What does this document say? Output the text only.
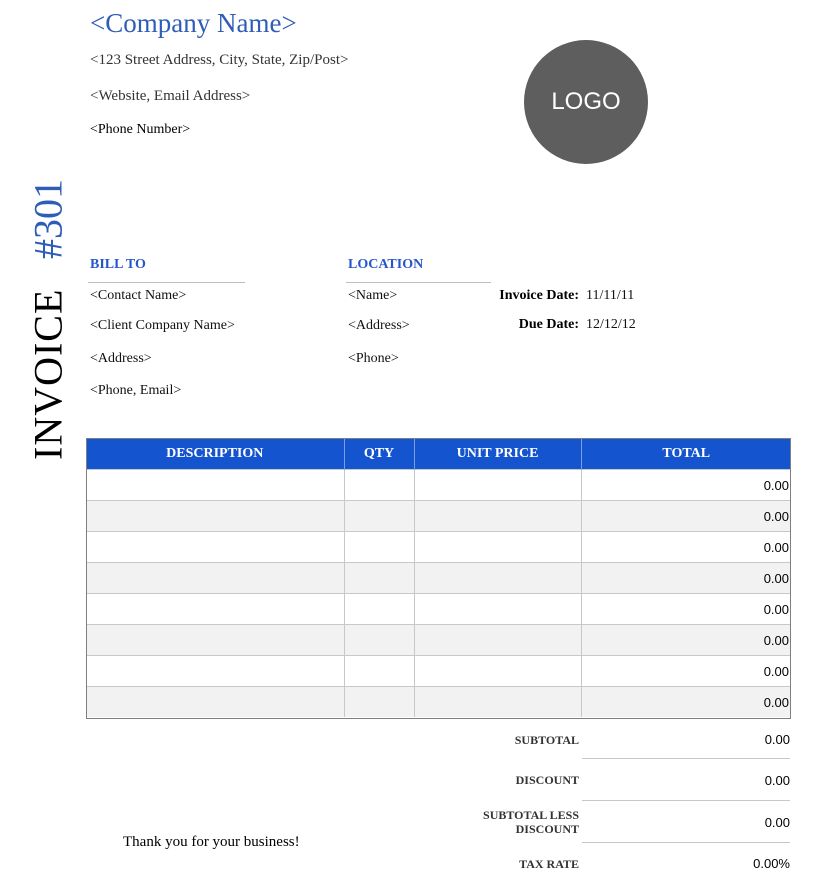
<Company Name>
<123 Street Address, City, State, Zip/Post>
<Website, Email Address>
<Phone Number>
LOGO
INVOICE
#301
BILL TO
<Contact Name>
<Client Company Name>
<Address>
<Phone, Email>
LOCATION
<Name>
<Address>
<Phone>
Invoice Date: 11/11/11
Due Date: 12/12/12
DESCRIPTION	QTY	UNIT PRICE	TOTAL
			0.00
			0.00
			0.00
			0.00
			0.00
			0.00
			0.00
			0.00
SUBTOTAL	0.00
DISCOUNT	0.00
SUBTOTAL LESS
DISCOUNT	0.00
TAX RATE	0.00%
Thank you for your business!
